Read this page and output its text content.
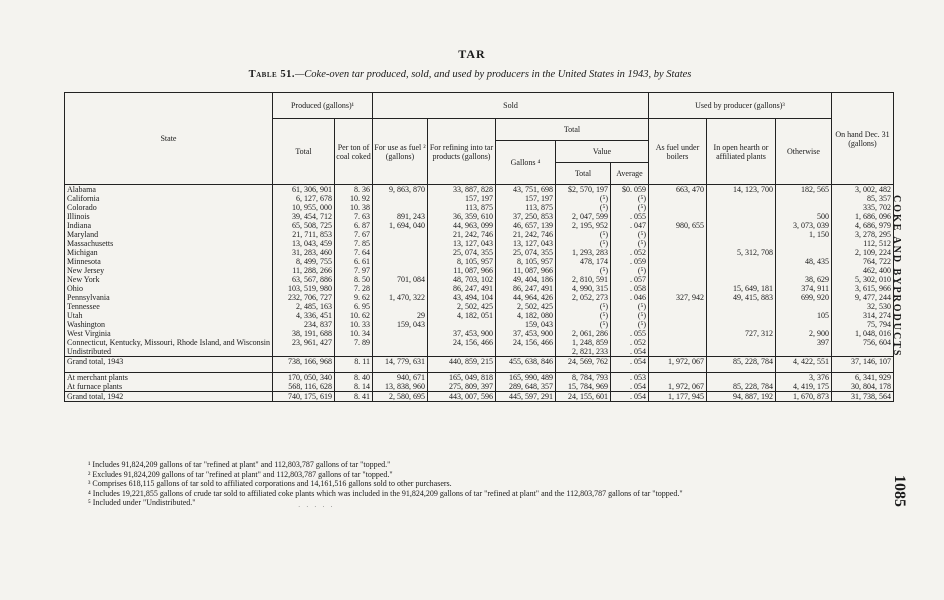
TAR
Table 51.—Coke-oven tar produced, sold, and used by producers in the United States in 1943, by States
COKE AND BYPRODUCTS
1085
State	Produced (gallons)¹		Sold					Used by producer (gallons)³			On hand Dec. 31 (gallons)
	Total	Per ton of coal coked	For use as fuel ² (gallons)	For refining into tar products (gallons)	Total			As fuel under boilers	In open hearth or affiliated plants	Otherwise	
					Gallons ⁴	Value					
						Total	Average				
Alabama	61, 306, 901	8. 36	9, 863, 870	33, 887, 828	43, 751, 698	$2, 570, 197	$0. 059	663, 470	14, 123, 700	182, 565	3, 002, 482
California	6, 127, 678	10. 92		157, 197	157, 197	(⁵)	(⁵)				85, 357
Colorado	10, 955, 000	10. 38		113, 875	113, 875	(⁵)	(⁵)				335, 702
Illinois	39, 454, 712	7. 63	891, 243	36, 359, 610	37, 250, 853	2, 047, 599	. 055			500	1, 686, 096
Indiana	65, 508, 725	6. 87	1, 694, 040	44, 963, 099	46, 657, 139	2, 195, 952	. 047	980, 655		3, 073, 039	4, 686, 979
Maryland	21, 711, 853	7. 67		21, 242, 746	21, 242, 746	(⁵)	(⁵)			1, 150	3, 278, 295
Massachusetts	13, 043, 459	7. 85		13, 127, 043	13, 127, 043	(⁵)	(⁵)				112, 512
Michigan	31, 283, 460	7. 64		25, 074, 355	25, 074, 355	1, 293, 283	. 052		5, 312, 708		2, 109, 224
Minnesota	8, 499, 755	6. 61		8, 105, 957	8, 105, 957	478, 174	. 059			48, 435	764, 722
New Jersey	11, 288, 266	7. 97		11, 087, 966	11, 087, 966	(⁵)	(⁵)				462, 400
New York	63, 567, 886	8. 50	701, 084	48, 703, 102	49, 404, 186	2, 810, 591	. 057			38, 629	5, 302, 010
Ohio	103, 519, 980	7. 28		86, 247, 491	86, 247, 491	4, 990, 315	. 058		15, 649, 181	374, 911	3, 615, 966
Pennsylvania	232, 706, 727	9. 62	1, 470, 322	43, 494, 104	44, 964, 426	2, 052, 273	. 046	327, 942	49, 415, 883	699, 920	9, 477, 244
Tennessee	2, 485, 163	6. 95		2, 502, 425	2, 502, 425	(⁵)	(⁵)				32, 530
Utah	4, 336, 451	10. 62	29	4, 182, 051	4, 182, 080	(⁵)	(⁵)			105	314, 274
Washington	234, 837	10. 33	159, 043		159, 043	(⁵)	(⁵)				75, 794
West Virginia	38, 191, 688	10. 34		37, 453, 900	37, 453, 900	2, 061, 286	. 055		727, 312	2, 900	1, 048, 016
Connecticut, Kentucky, Missouri, Rhode Island, and Wisconsin	23, 961, 427	7. 89		24, 156, 466	24, 156, 466	1, 248, 859	. 052			397	756, 604
Undistributed						2, 821, 233	. 054				
Grand total, 1943	738, 166, 968	8. 11	14, 779, 631	440, 859, 215	455, 638, 846	24, 569, 762	. 054	1, 972, 067	85, 228, 784	4, 422, 551	37, 146, 107

At merchant plants	170, 050, 340	8. 40	940, 671	165, 049, 818	165, 990, 489	8, 784, 793	. 053			3, 376	6, 341, 929
At furnace plants	568, 116, 628	8. 14	13, 838, 960	275, 809, 397	289, 648, 357	15, 784, 969	. 054	1, 972, 067	85, 228, 784	4, 419, 175	30, 804, 178
Grand total, 1942	740, 175, 619	8. 41	2, 580, 695	443, 007, 596	445, 597, 291	24, 155, 601	. 054	1, 177, 945	94, 887, 192	1, 670, 873	31, 738, 564
¹ Includes 91,824,209 gallons of tar "refined at plant" and 112,803,787 gallons of tar "topped."
² Excludes 91,824,209 gallons of tar "refined at plant" and 112,803,787 gallons of tar "topped."
³ Comprises 618,115 gallons of tar sold to affiliated corporations and 14,161,516 gallons sold to other purchasers.
⁴ Includes 19,221,855 gallons of crude tar sold to affiliated coke plants which was included in the 91,824,209 gallons of tar "refined at plant" and the 112,803,787 gallons of tar "topped."
⁵ Included under "Undistributed."	· · · · ·
